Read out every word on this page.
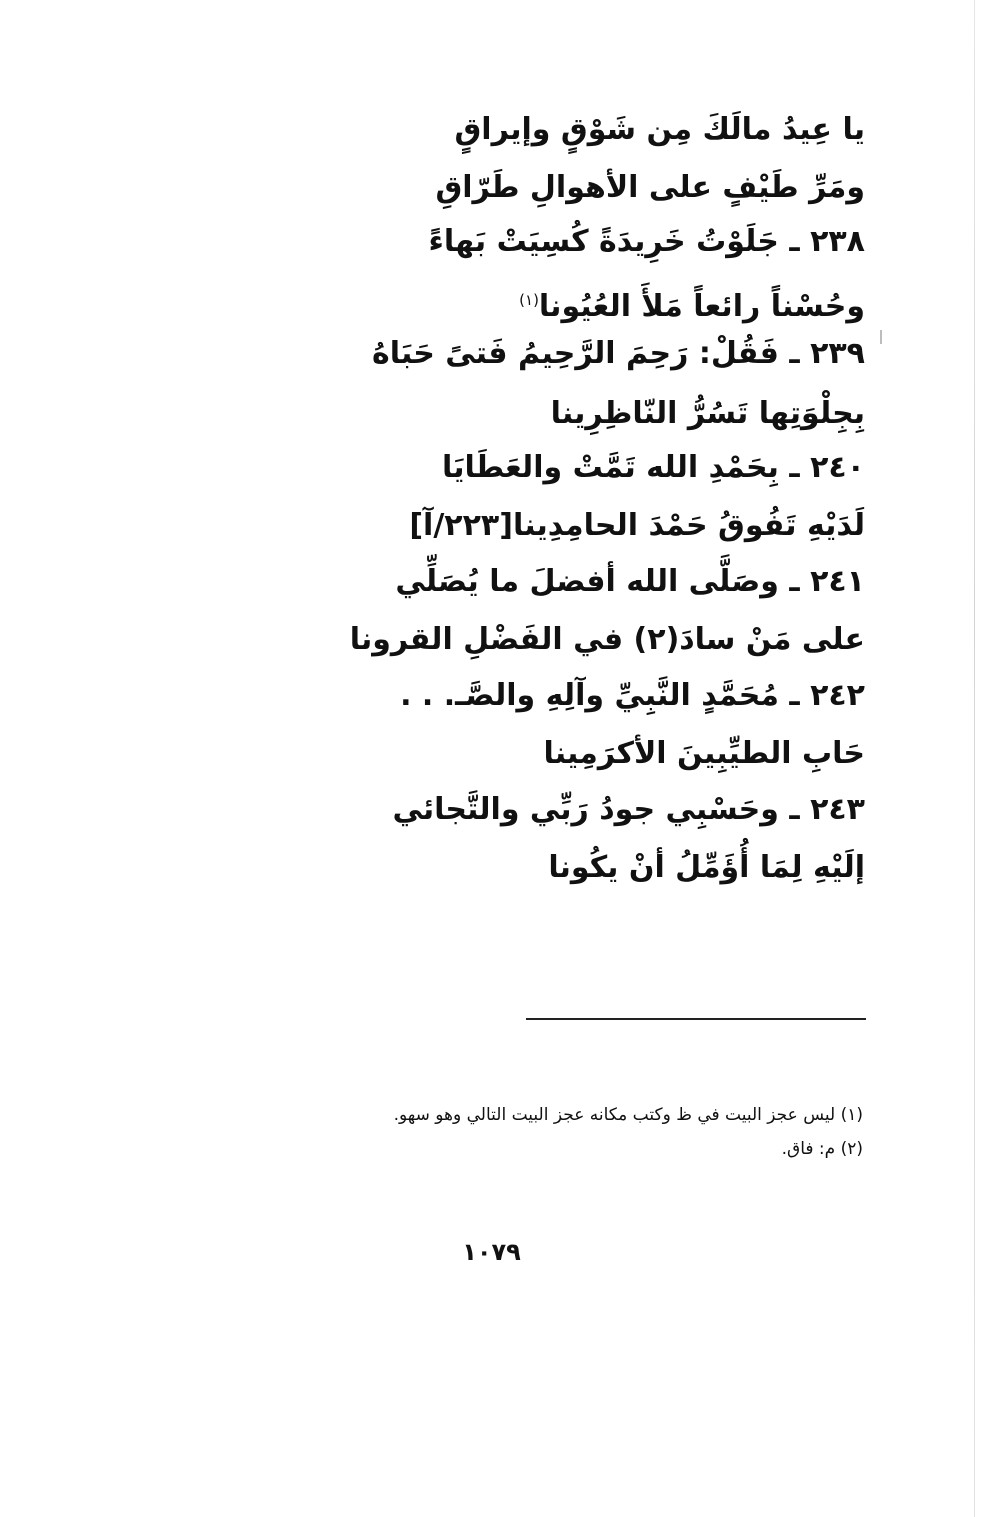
يا عِيدُ مالَكَ مِن شَوْقٍ وإيراقٍ
ومَرِّ طَيْفٍ على الأهوالِ طَرّاقِ
٢٣٨ ـ جَلَوْتُ خَرِيدَةً كُسِيَتْ بَهاءً
وحُسْناً رائعاً مَلأَ العُيُونا$^{(١)}$
٢٣٩ ـ فَقُلْ: رَحِمَ الرَّحِيمُ فَتىً حَبَاهُ
بِجِلْوَتِها تَسُرُّ النّاظِرِينا
٢٤٠ ـ بِحَمْدِ الله تَمَّتْ والعَطَايَا
لَدَيْهِ تَفُوقُ حَمْدَ الحامِدِينا[٢٢٣/آ]
٢٤١ ـ وصَلَّى الله أفضلَ ما يُصَلِّي
على مَنْ سادَ(٢) في الفَضْلِ القرونا
٢٤٢ ـ مُحَمَّدٍ النَّبِيِّ وآلِهِ والصَّـ. . .
حَابِ الطيِّبِينَ الأكرَمِينا
٢٤٣ ـ وحَسْبِي جودُ رَبِّي والتَّجائي
إلَيْهِ لِمَا أُؤَمِّلُ أنْ يكُونا
(١) ليس عجز البيت في ظ وكتب مكانه عجز البيت التالي وهو سهو.
(٢) م: فاق.
١٠٧٩
